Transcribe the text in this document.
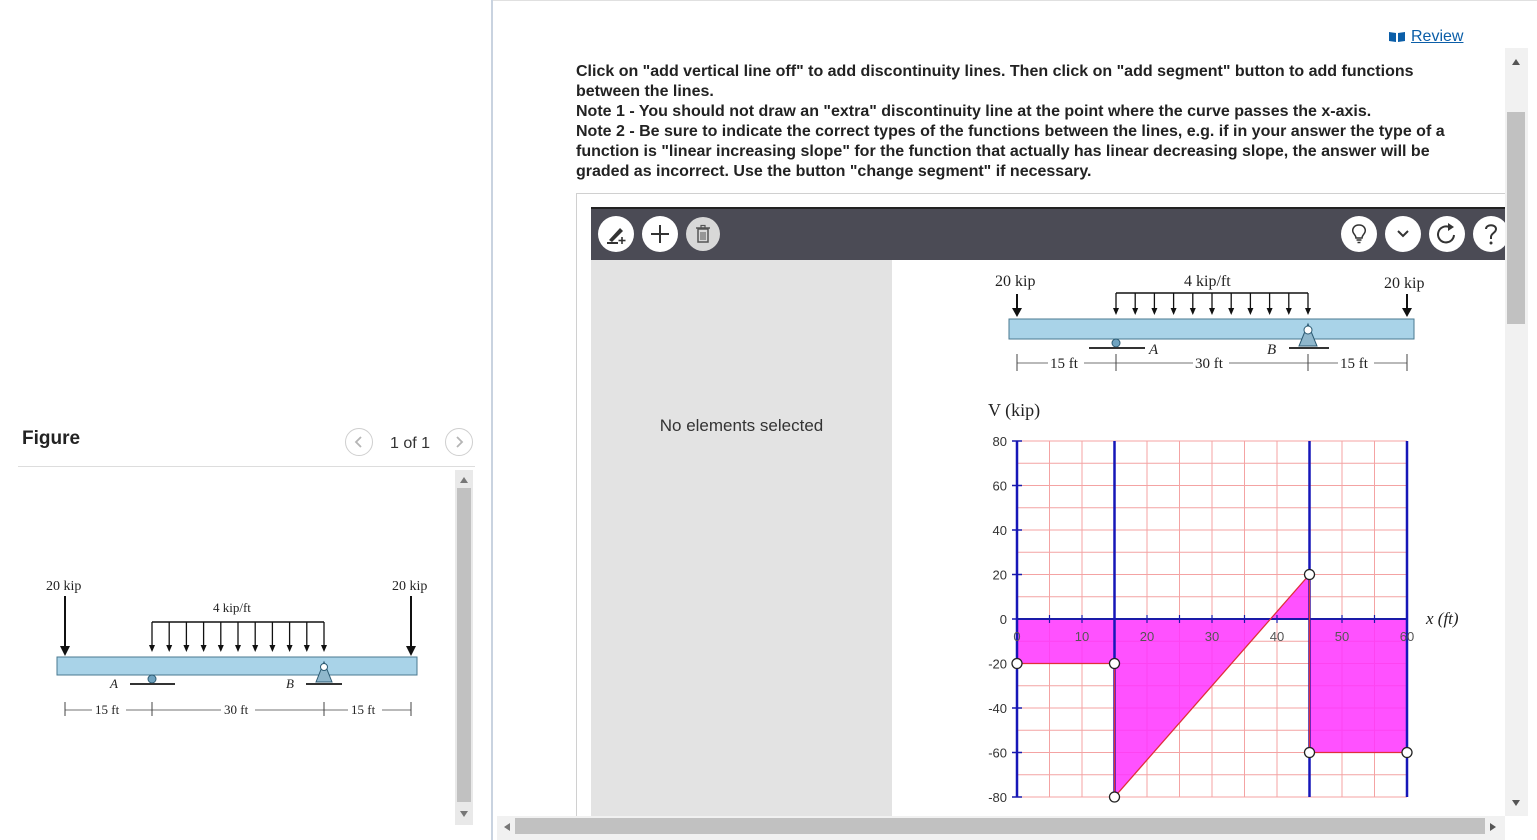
Figure	1 of 1
20 kip	20 kip
4 kip/ft
A	B
15 ft	30 ft	15 ft
Review

Click on "add vertical line off" to add discontinuity lines. Then click on "add segment" button to add functions between the lines.

Note 1 - You should not draw an "extra" discontinuity line at the point where the curve passes the x-axis.

Note 2 - Be sure to indicate the correct types of the functions between the lines, e.g. if in your answer the type of a function is "linear increasing slope" for the function that actually has linear decreasing slope, the answer will be graded as incorrect. Use the button "change segment" if necessary.

No elements selected
20 kip	4 kip/ft	20 kip
A	B
15 ft	30 ft	15 ft
V (kip)
x (ft)
80
60
40
20
0
-20
-40
-60
-80
0	10	20	30	40	50	60
